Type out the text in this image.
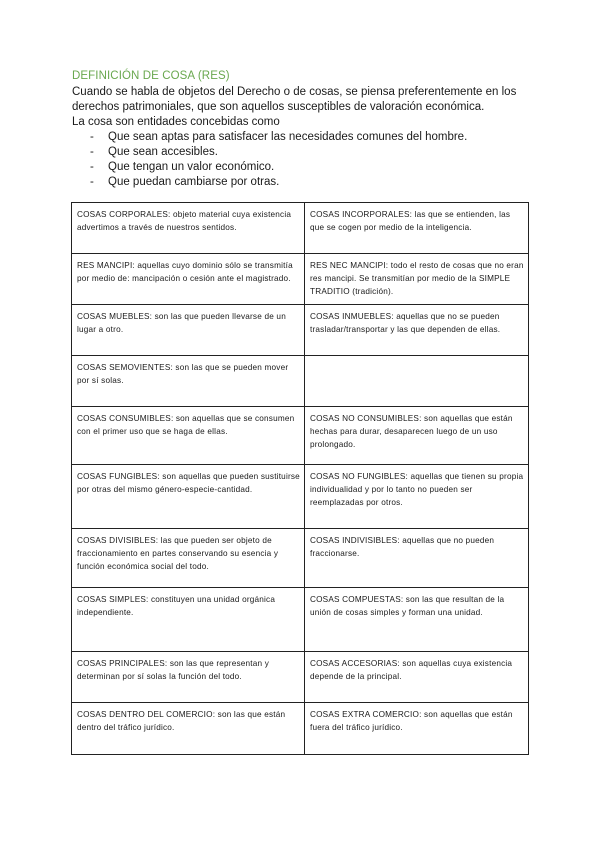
DEFINICIÓN DE COSA (RES)

Cuando se habla de objetos del Derecho o de cosas, se piensa preferentemente en los derechos patrimoniales, que son aquellos susceptibles de valoración económica.

La cosa son entidades concebidas como

- Que sean aptas para satisfacer las necesidades comunes del hombre.
- Que sean accesibles.
- Que tengan un valor económico.
- Que puedan cambiarse por otras.
COSAS CORPORALES: objeto material cuya existencia advertimos a través de nuestros sentidos.	COSAS INCORPORALES: las que se entienden, las que se cogen por medio de la inteligencia.
RES MANCIPI: aquellas cuyo dominio sólo se transmitía por medio de: mancipación o cesión ante el magistrado.	RES NEC MANCIPI: todo el resto de cosas que no eran res mancipi. Se transmitían por medio de la SIMPLE TRADITIO (tradición).
COSAS MUEBLES: son las que pueden llevarse de un lugar a otro.	COSAS INMUEBLES: aquellas que no se pueden trasladar/transportar y las que dependen de ellas.
COSAS SEMOVIENTES: son las que se pueden mover por sí solas.	
COSAS CONSUMIBLES: son aquellas que se consumen con el primer uso que se haga de ellas.	COSAS NO CONSUMIBLES: son aquellas que están hechas para durar, desaparecen luego de un uso prolongado.
COSAS FUNGIBLES: son aquellas que pueden sustituirse por otras del mismo género-especie-cantidad.	COSAS NO FUNGIBLES: aquellas que tienen su propia individualidad y por lo tanto no pueden ser reemplazadas por otros.
COSAS DIVISIBLES: las que pueden ser objeto de fraccionamiento en partes conservando su esencia y función económica social del todo.	COSAS INDIVISIBLES: aquellas que no pueden fraccionarse.
COSAS SIMPLES: constituyen una unidad orgánica independiente.	COSAS COMPUESTAS: son las que resultan de la unión de cosas simples y forman una unidad.
COSAS PRINCIPALES: son las que representan y determinan por sí solas la función del todo.	COSAS ACCESORIAS: son aquellas cuya existencia depende de la principal.
COSAS DENTRO DEL COMERCIO: son las que están dentro del tráfico jurídico.	COSAS EXTRA COMERCIO: son aquellas que están fuera del tráfico jurídico.
